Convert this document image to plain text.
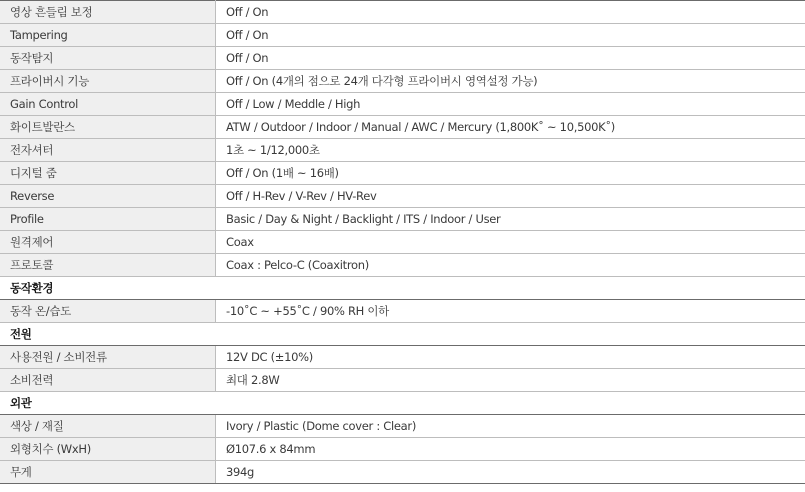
영상 흔들림 보정	Off / On
Tampering	Off / On
동작탐지	Off / On
프라이버시 기능	Off / On (4개의 점으로 24개 다각형 프라이버시 영역설정 가능)
Gain Control	Off / Low / Meddle / High
화이트발란스	ATW / Outdoor / Indoor / Manual / AWC / Mercury (1,800K˚ ~ 10,500K˚)
전자셔터	1초 ~ 1/12,000초
디지털 줌	Off / On (1배 ~ 16배)
Reverse	Off / H-Rev / V-Rev / HV-Rev
Profile	Basic / Day & Night / Backlight / ITS / Indoor / User
원격제어	Coax
프로토콜	Coax : Pelco-C (Coaxitron)
동작환경	
동작 온/습도	-10˚C ~ +55˚C / 90% RH 이하
전원	
사용전원 / 소비전류	12V DC (±10%)
소비전력	최대 2.8W
외관	
색상 / 재질	Ivory / Plastic (Dome cover : Clear)
외형치수 (WxH)	Ø107.6 x 84mm
무게	394g
